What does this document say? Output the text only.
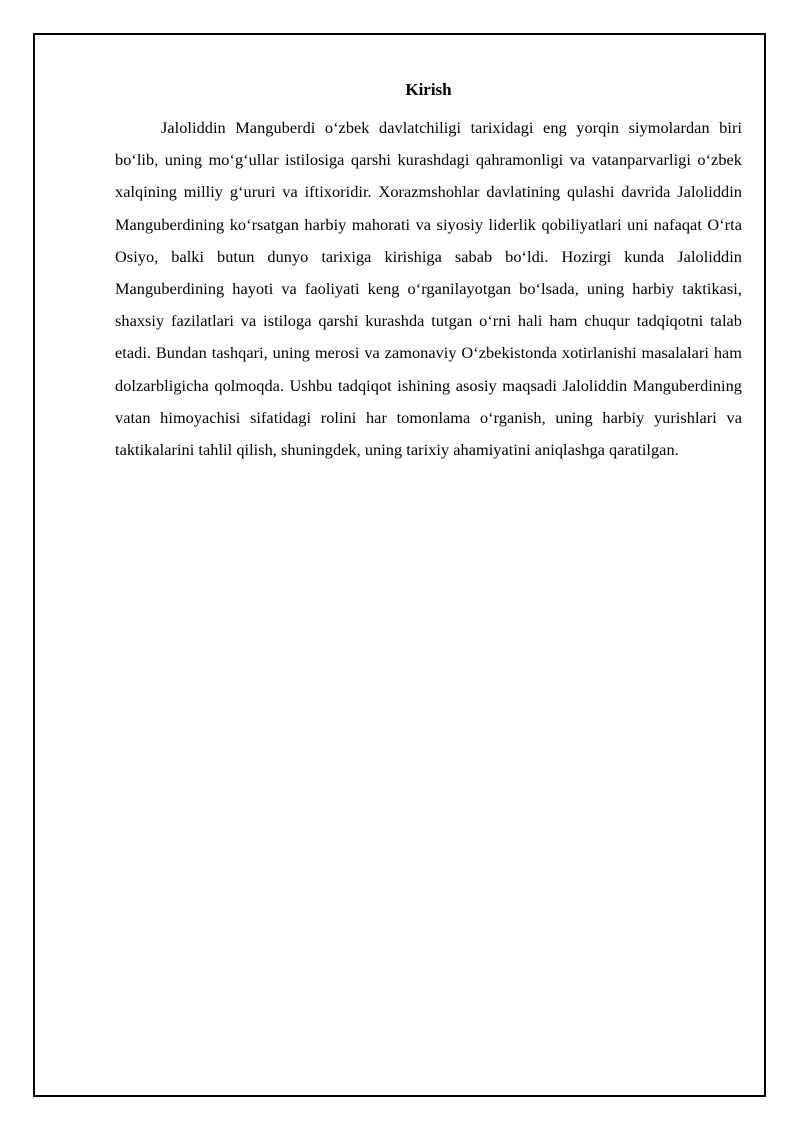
Kirish

Jaloliddin Manguberdi o‘zbek davlatchiligi tarixidagi eng yorqin siymolardan biri bo‘lib, uning mo‘g‘ullar istilosiga qarshi kurashdagi qahramonligi va vatanparvarligi o‘zbek xalqining milliy g‘ururi va iftixoridir. Xorazmshohlar davlatining qulashi davrida Jaloliddin Manguberdining ko‘rsatgan harbiy mahorati va siyosiy liderlik qobiliyatlari uni nafaqat O‘rta Osiyo, balki butun dunyo tarixiga kirishiga sabab bo‘ldi. Hozirgi kunda Jaloliddin Manguberdining hayoti va faoliyati keng o‘rganilayotgan bo‘lsada, uning harbiy taktikasi, shaxsiy fazilatlari va istiloga qarshi kurashda tutgan o‘rni hali ham chuqur tadqiqotni talab etadi. Bundan tashqari, uning merosi va zamonaviy O‘zbekistonda xotirlanishi masalalari ham dolzarbligicha qolmoqda. Ushbu tadqiqot ishining asosiy maqsadi Jaloliddin Manguberdining vatan himoyachisi sifatidagi rolini har tomonlama o‘rganish, uning harbiy yurishlari va taktikalarini tahlil qilish, shuningdek, uning tarixiy ahamiyatini aniqlashga qaratilgan.
